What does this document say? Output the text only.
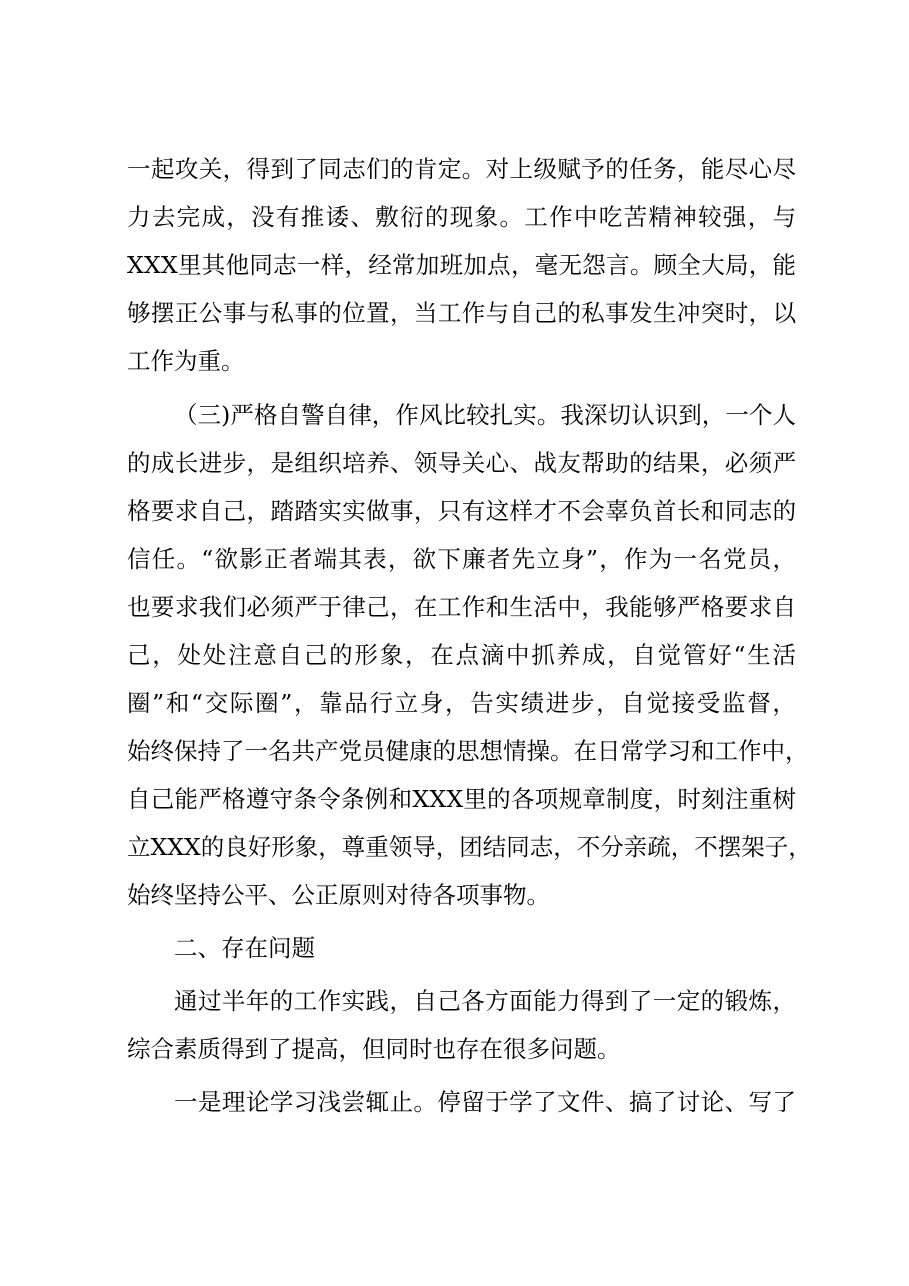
一起攻关，得到了同志们的肯定。对上级赋予的任务，能尽心尽
力去完成，没有推诿、敷衍的现象。工作中吃苦精神较强，与
XXX里其他同志一样，经常加班加点，毫无怨言。顾全大局，能
够摆正公事与私事的位置，当工作与自己的私事发生冲突时，以
工作为重。
（三)严格自警自律，作风比较扎实。我深切认识到，一个人
的成长进步，是组织培养、领导关心、战友帮助的结果，必须严
格要求自己，踏踏实实做事，只有这样才不会辜负首长和同志的
信任。“欲影正者端其表，欲下廉者先立身”，作为一名党员，
也要求我们必须严于律己，在工作和生活中，我能够严格要求自
己，处处注意自己的形象，在点滴中抓养成，自觉管好“生活
圈”和“交际圈”，靠品行立身，告实绩进步，自觉接受监督，
始终保持了一名共产党员健康的思想情操。在日常学习和工作中，
自己能严格遵守条令条例和XXX里的各项规章制度，时刻注重树
立XXX的良好形象，尊重领导，团结同志，不分亲疏，不摆架子，
始终坚持公平、公正原则对待各项事物。
二、存在问题
通过半年的工作实践，自己各方面能力得到了一定的锻炼，
综合素质得到了提高，但同时也存在很多问题。
一是理论学习浅尝辄止。停留于学了文件、搞了讨论、写了
